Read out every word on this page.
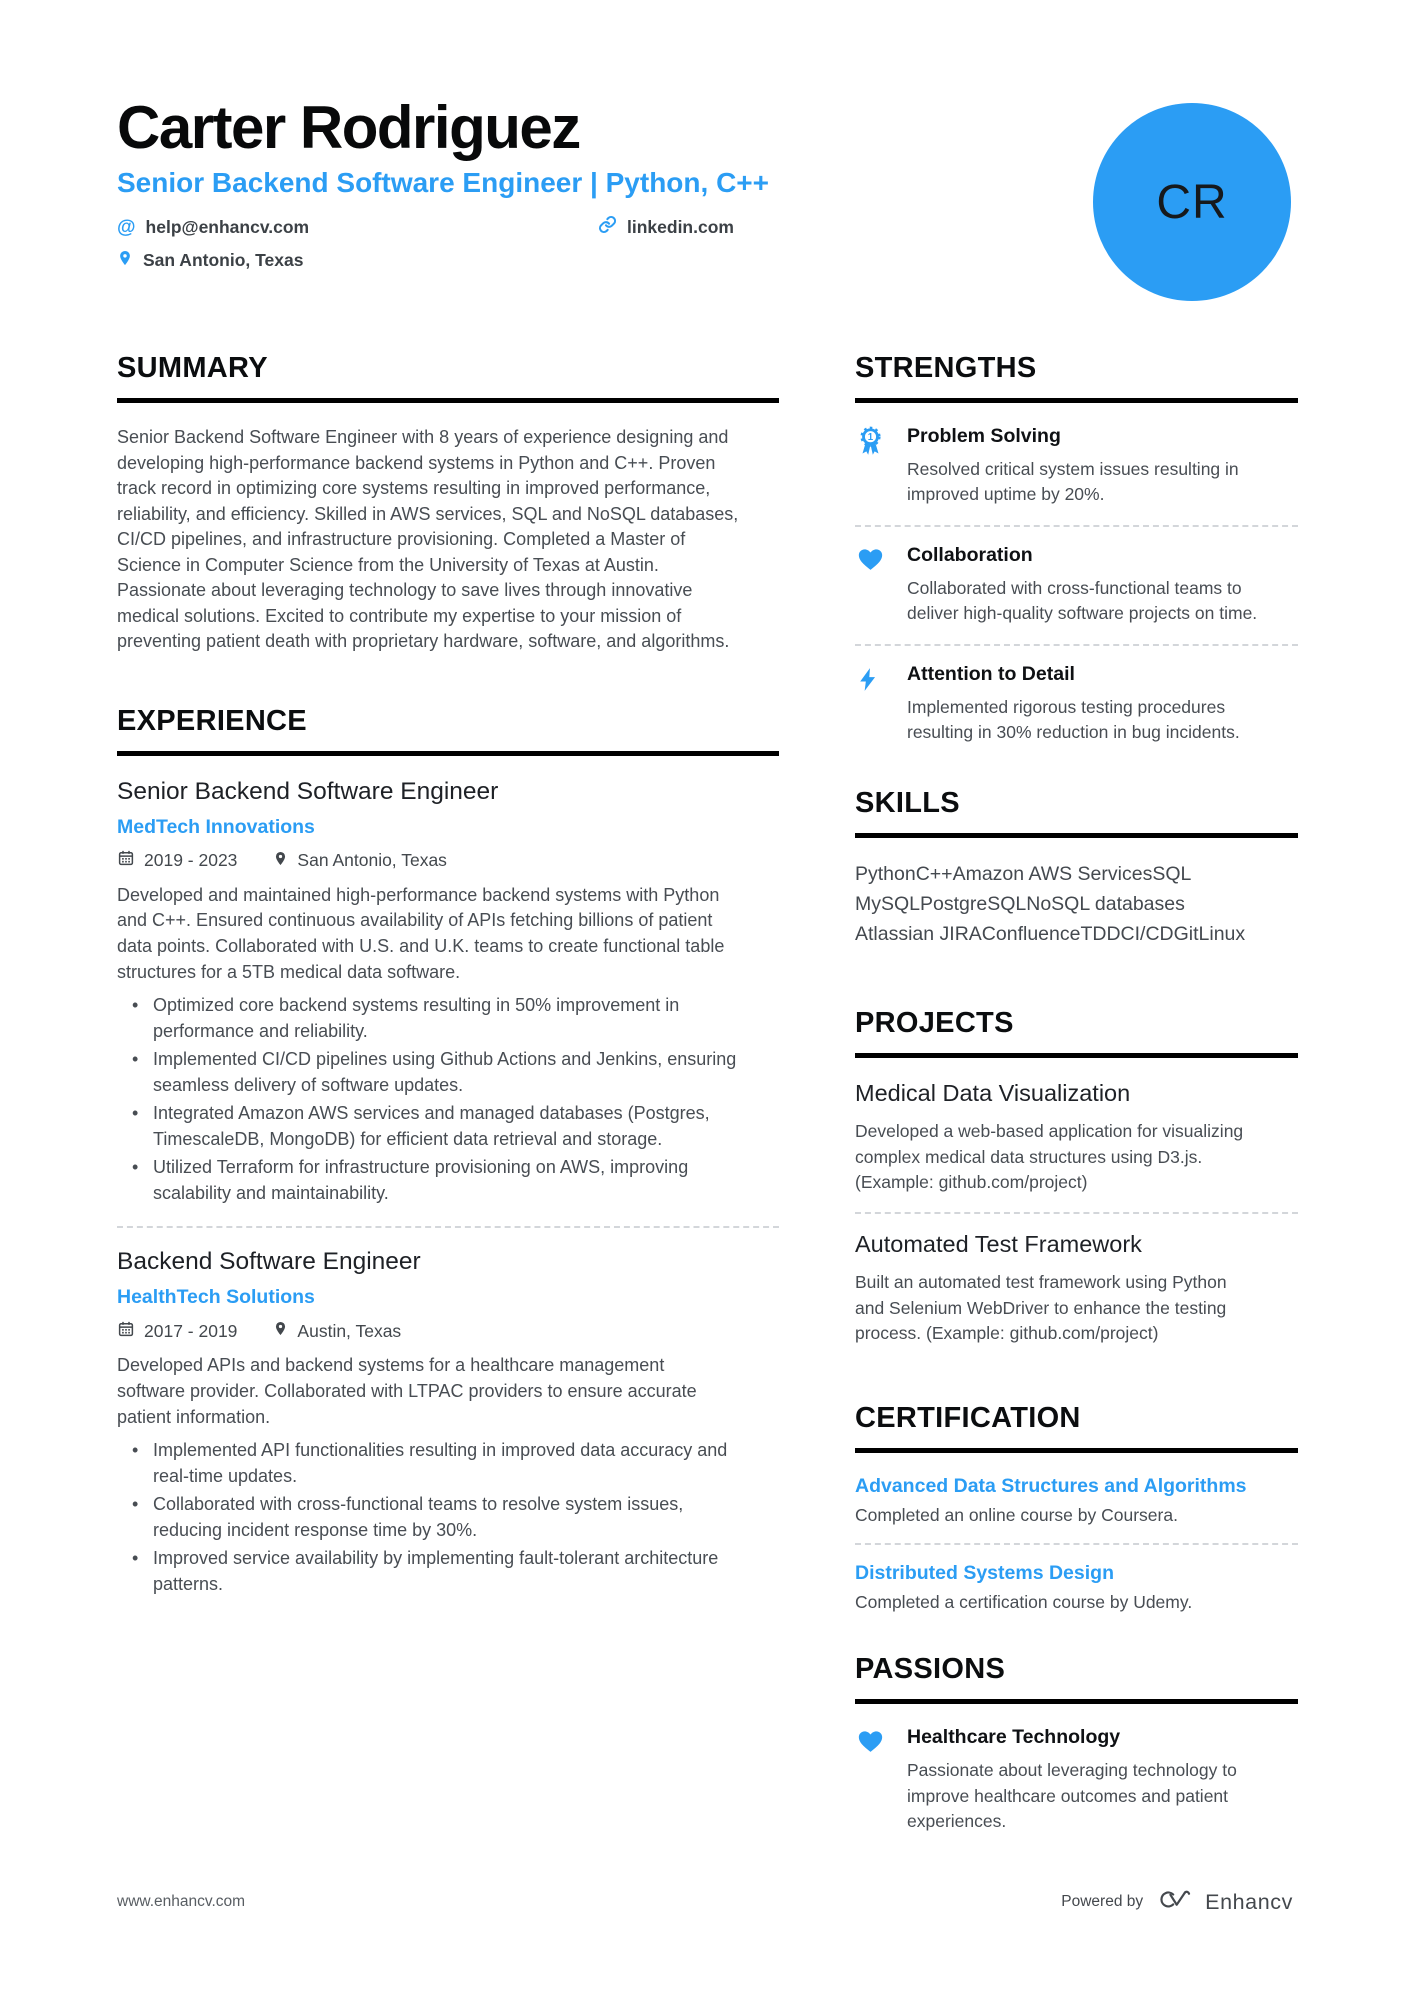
Carter Rodriguez
Senior Backend Software Engineer | Python, C++
@ help@enhancv.com	linkedin.com
San Antonio, Texas
CR
SUMMARY

Senior Backend Software Engineer with 8 years of experience designing and developing high-performance backend systems in Python and C++. Proven track record in optimizing core systems resulting in improved performance, reliability, and efficiency. Skilled in AWS services, SQL and NoSQL databases, CI/CD pipelines, and infrastructure provisioning. Completed a Master of Science in Computer Science from the University of Texas at Austin. Passionate about leveraging technology to save lives through innovative medical solutions. Excited to contribute my expertise to your mission of preventing patient death with proprietary hardware, software, and algorithms.

EXPERIENCE
Senior Backend Software Engineer
MedTech Innovations
2019 - 2023	San Antonio, Texas

Developed and maintained high-performance backend systems with Python and C++. Ensured continuous availability of APIs fetching billions of patient data points. Collaborated with U.S. and U.K. teams to create functional table structures for a 5TB medical data software.

• Optimized core backend systems resulting in 50% improvement in performance and reliability.
• Implemented CI/CD pipelines using Github Actions and Jenkins, ensuring seamless delivery of software updates.
• Integrated Amazon AWS services and managed databases (Postgres, TimescaleDB, MongoDB) for efficient data retrieval and storage.
• Utilized Terraform for infrastructure provisioning on AWS, improving scalability and maintainability.
Backend Software Engineer
HealthTech Solutions
2017 - 2019	Austin, Texas

Developed APIs and backend systems for a healthcare management software provider. Collaborated with LTPAC providers to ensure accurate patient information.

• Implemented API functionalities resulting in improved data accuracy and real-time updates.
• Collaborated with cross-functional teams to resolve system issues, reducing incident response time by 30%.
• Improved service availability by implementing fault-tolerant architecture patterns.
STRENGTHS
1 Problem Solving

Resolved critical system issues resulting in improved uptime by 20%.

Collaboration

Collaborated with cross-functional teams to deliver high-quality software projects on time.

Attention to Detail

Implemented rigorous testing procedures resulting in 30% reduction in bug incidents.

SKILLS
PythonC++Amazon AWS ServicesSQL
MySQLPostgreSQLNoSQL databases
Atlassian JIRAConfluenceTDDCI/CDGitLinux
PROJECTS
Medical Data Visualization

Developed a web-based application for visualizing complex medical data structures using D3.js. (Example: github.com/project)

Automated Test Framework

Built an automated test framework using Python and Selenium WebDriver to enhance the testing process. (Example: github.com/project)

CERTIFICATION
Advanced Data Structures and Algorithms

Completed an online course by Coursera.

Distributed Systems Design

Completed a certification course by Udemy.

PASSIONS
Healthcare Technology

Passionate about leveraging technology to improve healthcare outcomes and patient experiences.

www.enhancv.com	Powered by	Enhancv
